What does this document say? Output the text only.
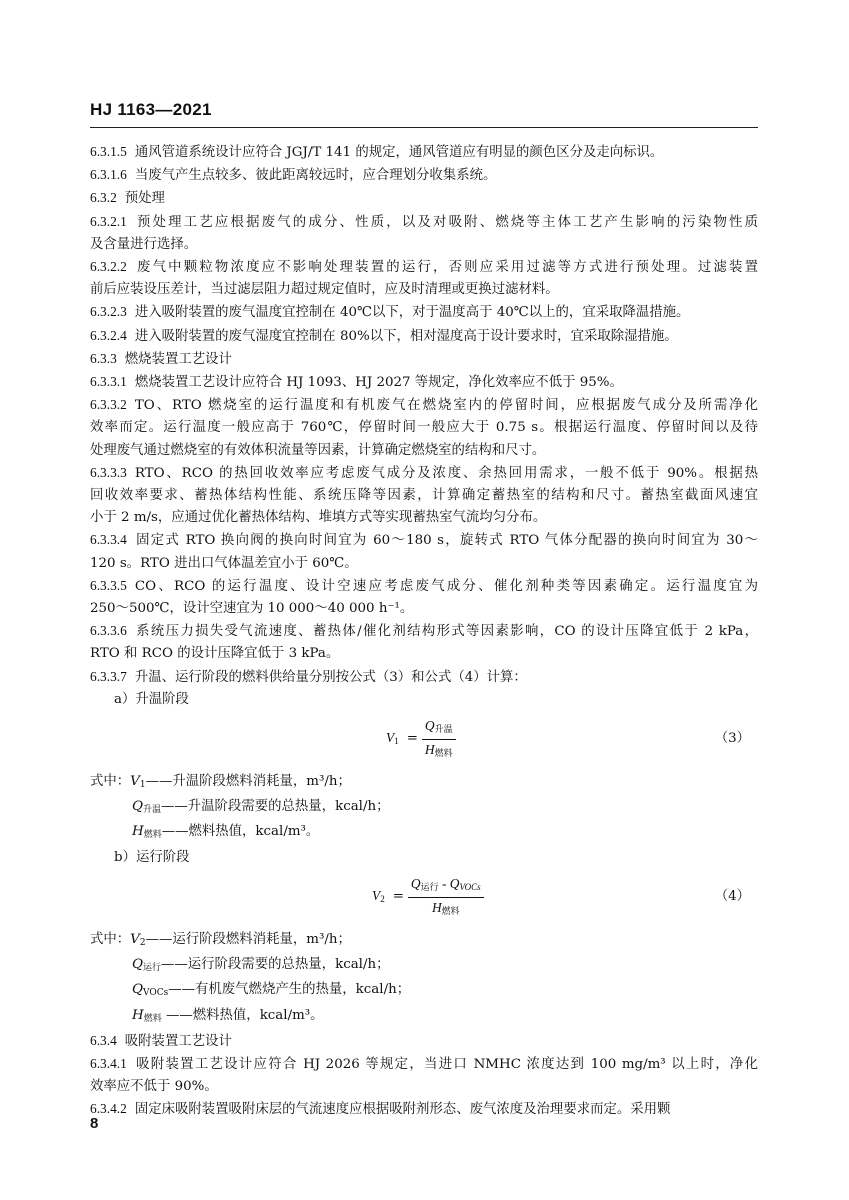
HJ 1163—2021

6.3.1.5 通风管道系统设计应符合 JGJ/T 141 的规定，通风管道应有明显的颜色区分及走向标识。

6.3.1.6 当废气产生点较多、彼此距离较远时，应合理划分收集系统。

6.3.2 预处理

6.3.2.1 预处理工艺应根据废气的成分、性质，以及对吸附、燃烧等主体工艺产生影响的污染物性质

及含量进行选择。

6.3.2.2 废气中颗粒物浓度应不影响处理装置的运行，否则应采用过滤等方式进行预处理。过滤装置

前后应装设压差计，当过滤层阻力超过规定值时，应及时清理或更换过滤材料。

6.3.2.3 进入吸附装置的废气温度宜控制在 40℃以下，对于温度高于 40℃以上的，宜采取降温措施。

6.3.2.4 进入吸附装置的废气湿度宜控制在 80%以下，相对湿度高于设计要求时，宜采取除湿措施。

6.3.3 燃烧装置工艺设计

6.3.3.1 燃烧装置工艺设计应符合 HJ 1093、HJ 2027 等规定，净化效率应不低于 95%。

6.3.3.2 TO、RTO 燃烧室的运行温度和有机废气在燃烧室内的停留时间，应根据废气成分及所需净化

效率而定。运行温度一般应高于 760℃，停留时间一般应大于 0.75 s。根据运行温度、停留时间以及待

处理废气通过燃烧室的有效体积流量等因素，计算确定燃烧室的结构和尺寸。

6.3.3.3 RTO、RCO 的热回收效率应考虑废气成分及浓度、余热回用需求，一般不低于 90%。根据热

回收效率要求、蓄热体结构性能、系统压降等因素，计算确定蓄热室的结构和尺寸。蓄热室截面风速宜

小于 2 m/s，应通过优化蓄热体结构、堆填方式等实现蓄热室气流均匀分布。

6.3.3.4 固定式 RTO 换向阀的换向时间宜为 60～180 s，旋转式 RTO 气体分配器的换向时间宜为 30～

120 s。RTO 进出口气体温差宜小于 60℃。

6.3.3.5 CO、RCO 的运行温度、设计空速应考虑废气成分、催化剂种类等因素确定。运行温度宜为

250～500℃，设计空速宜为 10 000～40 000 h⁻¹。

6.3.3.6 系统压力损失受气流速度、蓄热体/催化剂结构形式等因素影响，CO 的设计压降宜低于 2 kPa，

RTO 和 RCO 的设计压降宜低于 3 kPa。

6.3.3.7 升温、运行阶段的燃料供给量分别按公式（3）和公式（4）计算：

a）升温阶段

$V_1 = \frac{Q_{升温}}{H_{燃料}}$	（3）

式中：$V_1——$升温阶段燃料消耗量，m³/h；

$Q_{升温}——$升温阶段需要的总热量，kcal/h；

$H_{燃料}——$燃料热值，kcal/m³。

b）运行阶段

$V_2 = \frac{Q_{运行} - Q_{VOCs}}{H_{燃料}}$	（4）

式中：$V_2——$运行阶段燃料消耗量，m³/h；

$Q_{运行}——$运行阶段需要的总热量，kcal/h；

$Q_{VOCs}——$有机废气燃烧产生的热量，kcal/h；

$H_{燃料}$ ——燃料热值，kcal/m³。

6.3.4 吸附装置工艺设计

6.3.4.1 吸附装置工艺设计应符合 HJ 2026 等规定，当进口 NMHC 浓度达到 100 mg/m³ 以上时，净化

效率应不低于 90%。

6.3.4.2 固定床吸附装置吸附床层的气流速度应根据吸附剂形态、废气浓度及治理要求而定。采用颗

8
